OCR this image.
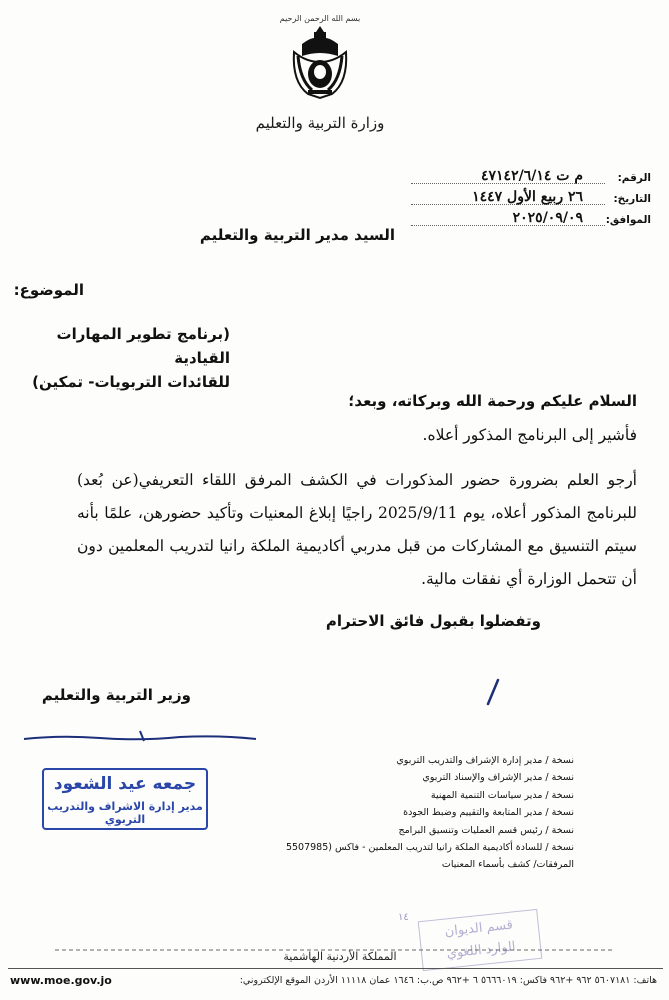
بسم الله الرحمن الرحيم
وزارة التربية والتعليم
الرقم:
م ت ٤٧١٤٢/٦/١٤
التاريخ:
٢٦ ربيع الأول ١٤٤٧
الموافق:
٢٠٢٥/٠٩/٠٩
السيد مدير التربية والتعليم
الموضوع:
(برنامج تطوير المهارات القيادية
للقائدات التربويات- تمكين)
السلام عليكم ورحمة الله وبركاته، وبعد؛
فأشير إلى البرنامج المذكور أعلاه.
أرجو العلم بضرورة حضور المذكورات في الكشف المرفق اللقاء التعريفي(عن بُعد) للبرنامج المذكور أعلاه، يوم 2025/9/11 راجيًا إبلاغ المعنيات وتأكيد حضورهن، علمًا بأنه سيتم التنسيق مع المشاركات من قبل مدربي أكاديمية الملكة رانيا لتدريب المعلمين دون أن تتحمل الوزارة أي نفقات مالية.
وتفضلوا بقبول فائق الاحترام
وزير التربية والتعليم
جمعه عيد الشعود
مدير إدارة الاشراف والتدريب التربوي
نسخة / مدير إدارة الإشراف والتدريب التربوي
نسخة / مدير الإشراف والإسناد التربوي
نسخة / مدير سياسات التنمية المهنية
نسخة / مدير المتابعة والتقييم وضبط الجودة
نسخة / رئيس قسم العمليات وتنسيق البرامج
نسخة / للسادة أكاديمية الملكة رانيا لتدريب المعلمين - فاكس (5507985
المرفقات/ كشف بأسماء المعنيات
١٤
قسم الديوان
الوارد اللغوي
المملكة الأردنية الهاشمية
www.moe.gov.jo	هاتف: ٥٦٠٧١٨١ ٩٦٢ +٩٦٢ فاكس: ٥٦٦٦٠١٩ ٦ +٩٦٢ ص.ب: ١٦٤٦ عمان ١١١١٨ الأردن الموقع الإلكتروني:
